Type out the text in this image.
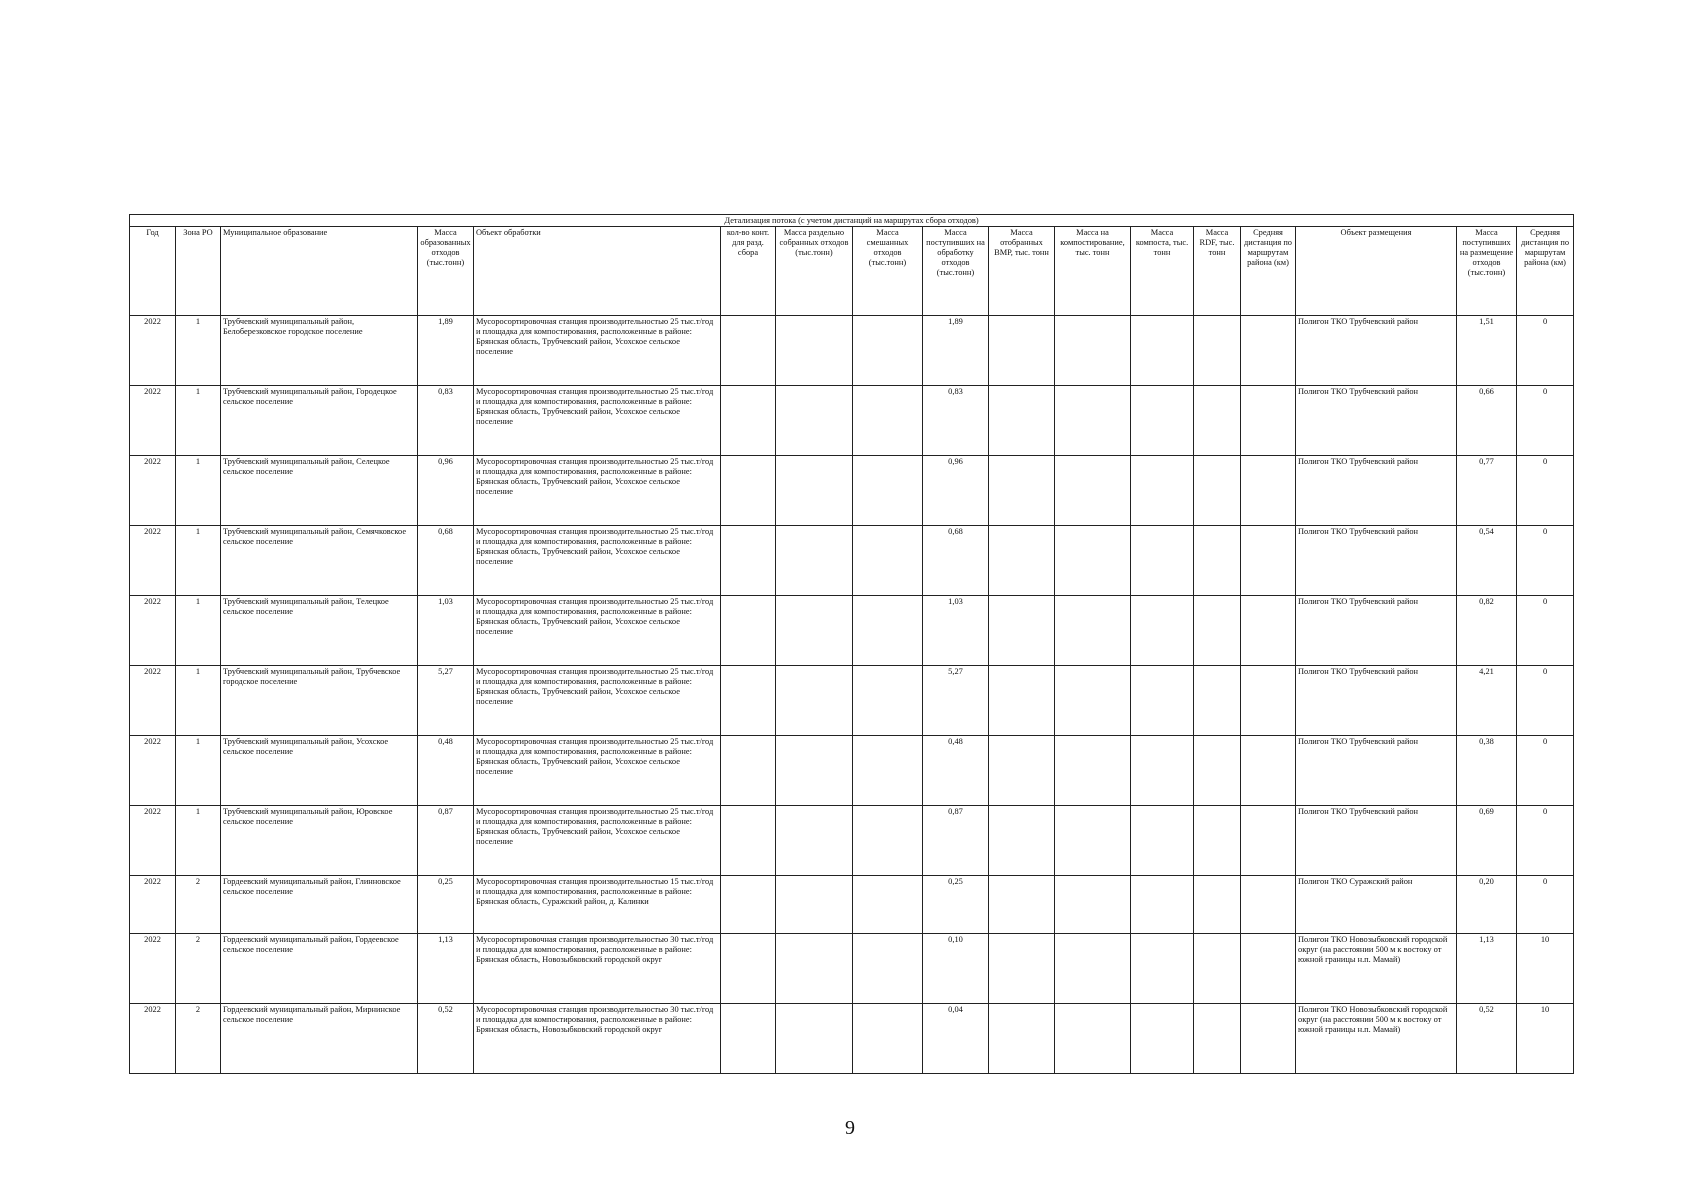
Детализация потока (с учетом дистанций на маршрутах сбора отходов)																
Год	Зона РО	Муниципальное образование	Масса образованных отходов (тыс.тонн)	Объект обработки	кол-во конт. для разд. сбора	Масса раздельно собранных отходов (тыс.тонн)	Масса смешанных отходов (тыс.тонн)	Масса поступивших на обработку отходов (тыс.тонн)	Масса отобранных ВМР, тыс. тонн	Масса на компостирование, тыс. тонн	Масса компоста, тыс. тонн	Масса RDF, тыс. тонн	Средняя дистанция по маршрутам района (км)	Объект размещения	Масса поступивших на размещение отходов (тыс.тонн)	Средняя дистанция по маршрутам района (км)
2022	1	Трубчевский муниципальный район, Белоберезковское городское поселение	1,89	Мусоросортировочная станция производительностью 25 тыс.т/год и площадка для компостирования, расположенные в районе: Брянская область, Трубчевский район, Усохское сельское поселение				1,89						Полигон ТКО Трубчевский район	1,51	0
2022	1	Трубчевский муниципальный район, Городецкое сельское поселение	0,83	Мусоросортировочная станция производительностью 25 тыс.т/год и площадка для компостирования, расположенные в районе: Брянская область, Трубчевский район, Усохское сельское поселение				0,83						Полигон ТКО Трубчевский район	0,66	0
2022	1	Трубчевский муниципальный район, Селецкое сельское поселение	0,96	Мусоросортировочная станция производительностью 25 тыс.т/год и площадка для компостирования, расположенные в районе: Брянская область, Трубчевский район, Усохское сельское поселение				0,96						Полигон ТКО Трубчевский район	0,77	0
2022	1	Трубчевский муниципальный район, Семячковское сельское поселение	0,68	Мусоросортировочная станция производительностью 25 тыс.т/год и площадка для компостирования, расположенные в районе: Брянская область, Трубчевский район, Усохское сельское поселение				0,68						Полигон ТКО Трубчевский район	0,54	0
2022	1	Трубчевский муниципальный район, Телецкое сельское поселение	1,03	Мусоросортировочная станция производительностью 25 тыс.т/год и площадка для компостирования, расположенные в районе: Брянская область, Трубчевский район, Усохское сельское поселение				1,03						Полигон ТКО Трубчевский район	0,82	0
2022	1	Трубчевский муниципальный район, Трубчевское городское поселение	5,27	Мусоросортировочная станция производительностью 25 тыс.т/год и площадка для компостирования, расположенные в районе: Брянская область, Трубчевский район, Усохское сельское поселение				5,27						Полигон ТКО Трубчевский район	4,21	0
2022	1	Трубчевский муниципальный район, Усохское сельское поселение	0,48	Мусоросортировочная станция производительностью 25 тыс.т/год и площадка для компостирования, расположенные в районе: Брянская область, Трубчевский район, Усохское сельское поселение				0,48						Полигон ТКО Трубчевский район	0,38	0
2022	1	Трубчевский муниципальный район, Юровское сельское поселение	0,87	Мусоросортировочная станция производительностью 25 тыс.т/год и площадка для компостирования, расположенные в районе: Брянская область, Трубчевский район, Усохское сельское поселение				0,87						Полигон ТКО Трубчевский район	0,69	0
2022	2	Гордеевский муниципальный район, Глинновское сельское поселение	0,25	Мусоросортировочная станция производительностью 15 тыс.т/год и площадка для компостирования, расположенные в районе: Брянская область, Суражский район, д. Калинки				0,25						Полигон ТКО Суражский район	0,20	0
2022	2	Гордеевский муниципальный район, Гордеевское сельское поселение	1,13	Мусоросортировочная станция производительностью 30 тыс.т/год и площадка для компостирования, расположенные в районе: Брянская область, Новозыбковский городской округ				0,10						Полигон ТКО Новозыбковский городской округ (на расстоянии 500 м к востоку от южной границы н.п. Мамай)	1,13	10
2022	2	Гордеевский муниципальный район, Мирнинское сельское поселение	0,52	Мусоросортировочная станция производительностью 30 тыс.т/год и площадка для компостирования, расположенные в районе: Брянская область, Новозыбковский городской округ				0,04						Полигон ТКО Новозыбковский городской округ (на расстоянии 500 м к востоку от южной границы н.п. Мамай)	0,52	10
9
